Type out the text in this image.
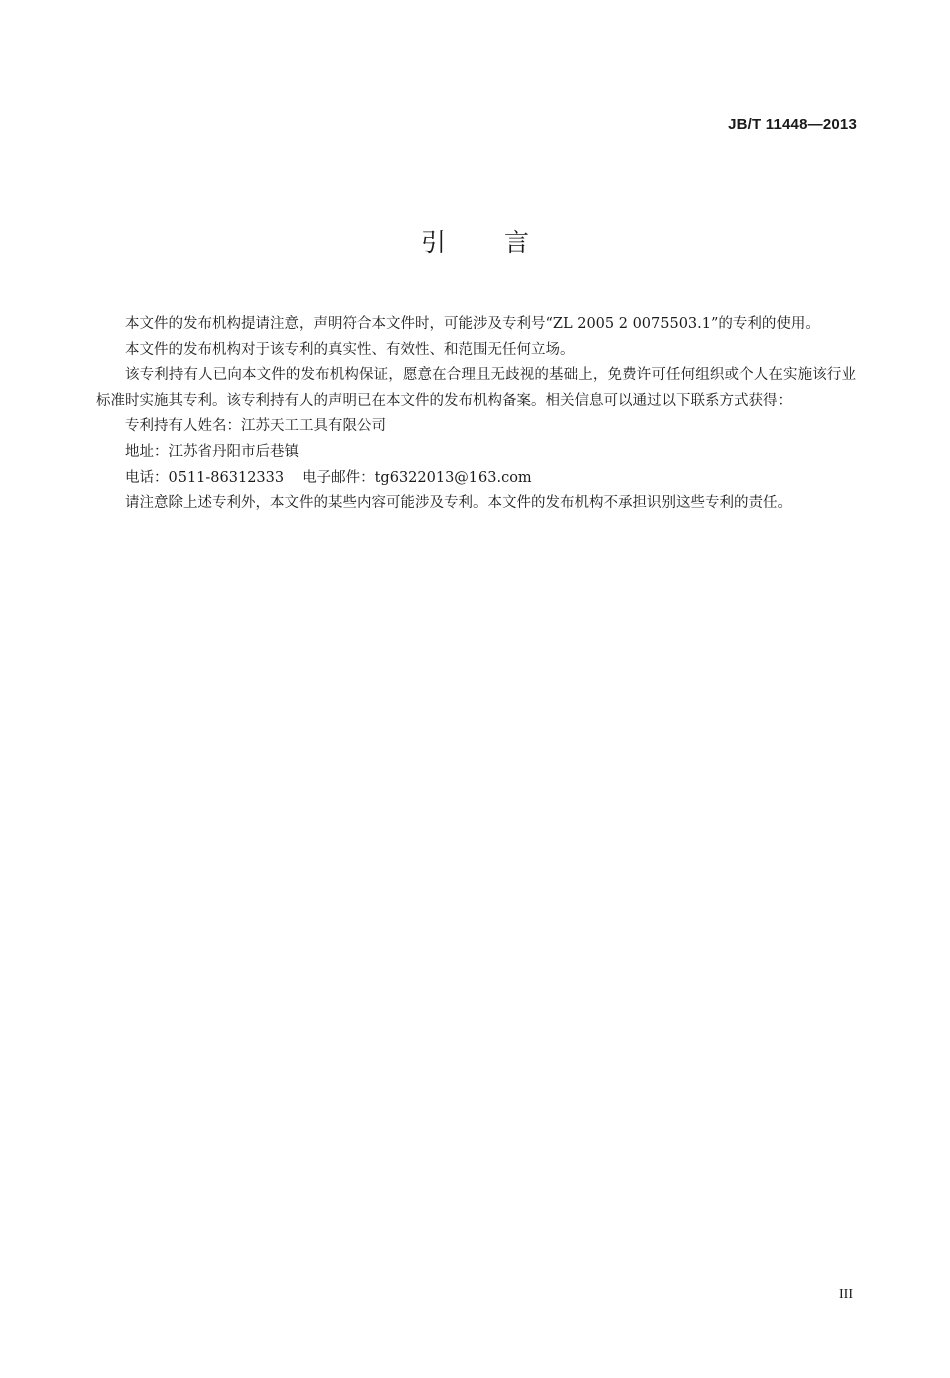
JB/T 11448—2013
引言

本文件的发布机构提请注意，声明符合本文件时，可能涉及专利号“ZL 2005 2 0075503.1”的专利的使用。

本文件的发布机构对于该专利的真实性、有效性、和范围无任何立场。

该专利持有人已向本文件的发布机构保证，愿意在合理且无歧视的基础上，免费许可任何组织或个人在实施该行业标准时实施其专利。该专利持有人的声明已在本文件的发布机构备案。相关信息可以通过以下联系方式获得：

专利持有人姓名：江苏天工工具有限公司

地址：江苏省丹阳市后巷镇

电话：0511-86312333 电子邮件：tg6322013@163.com

请注意除上述专利外，本文件的某些内容可能涉及专利。本文件的发布机构不承担识别这些专利的责任。

III
